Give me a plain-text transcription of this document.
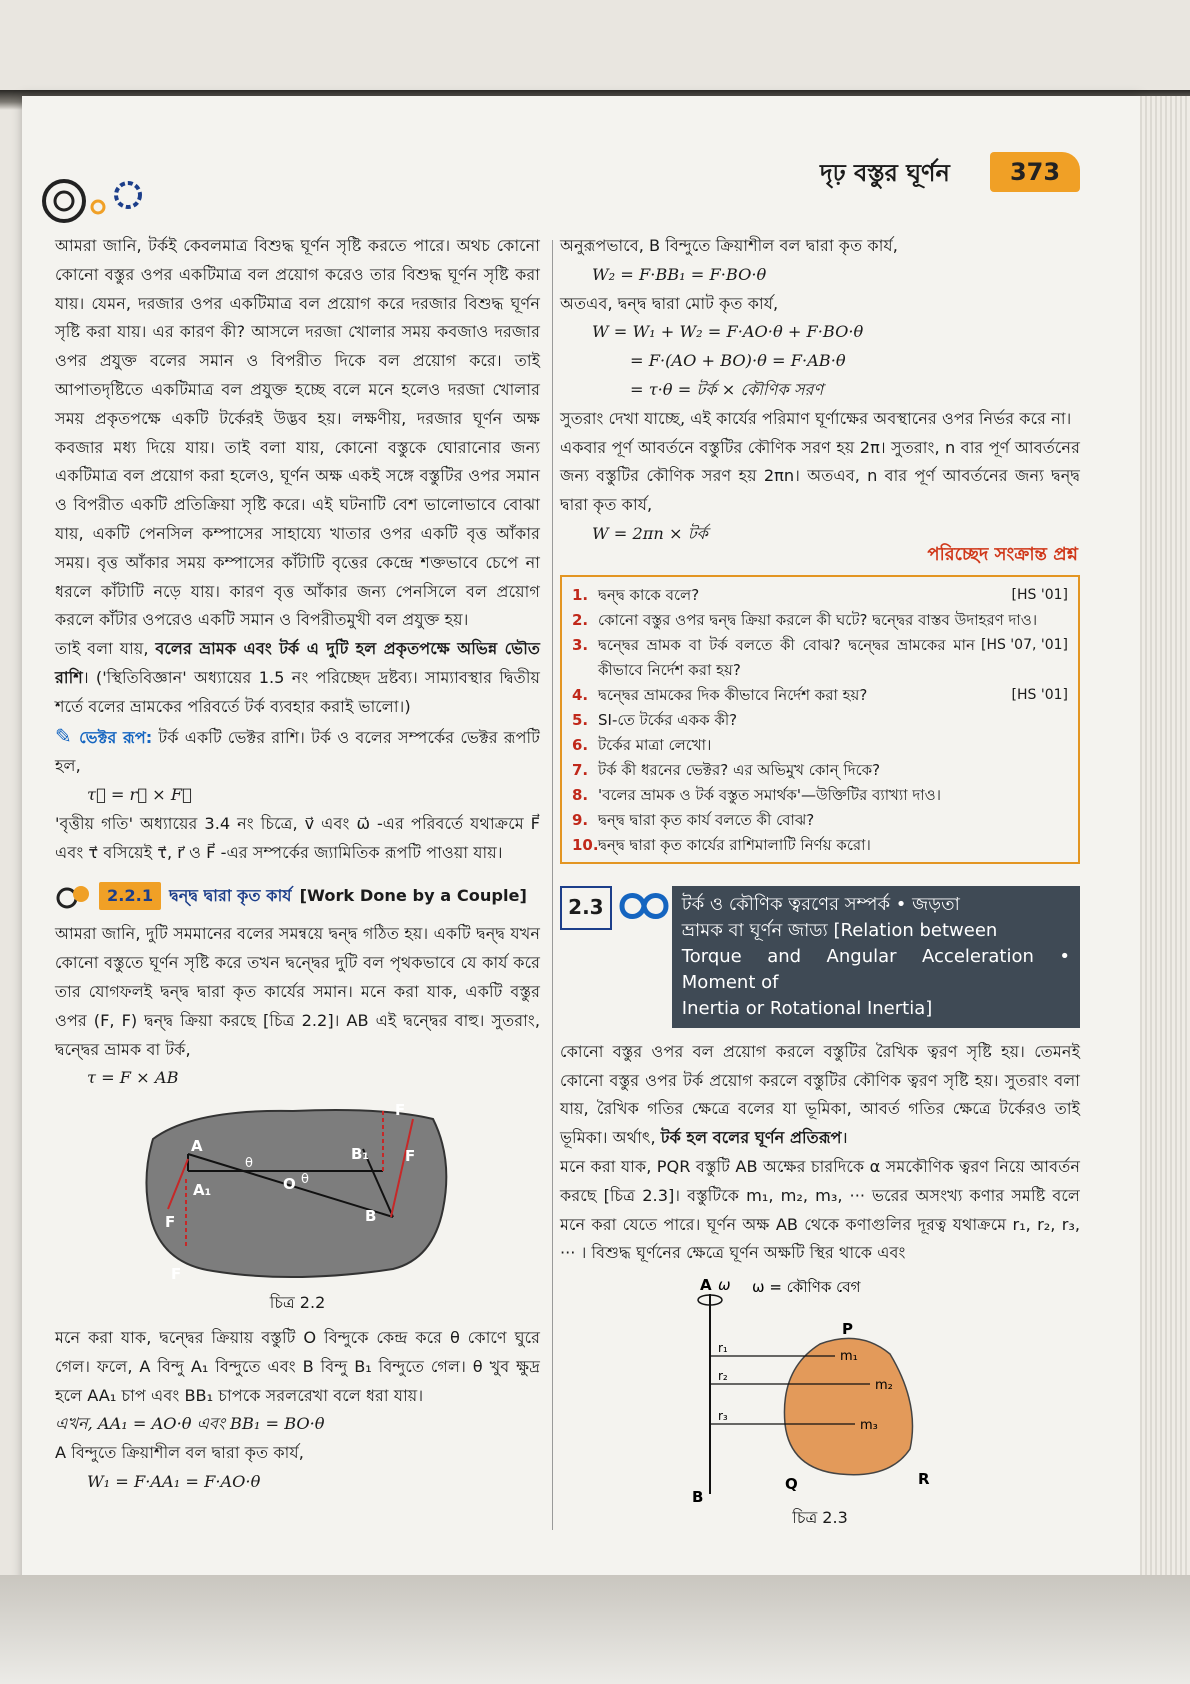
দৃঢ় বস্তুর ঘূর্ণন	373

আমরা জানি, টর্কই কেবলমাত্র বিশুদ্ধ ঘূর্ণন সৃষ্টি করতে পারে। অথচ কোনো কোনো বস্তুর ওপর একটিমাত্র বল প্রয়োগ করেও তার বিশুদ্ধ ঘূর্ণন সৃষ্টি করা যায়। যেমন, দরজার ওপর একটিমাত্র বল প্রয়োগ করে দরজার বিশুদ্ধ ঘূর্ণন সৃষ্টি করা যায়। এর কারণ কী? আসলে দরজা খোলার সময় কবজাও দরজার ওপর প্রযুক্ত বলের সমান ও বিপরীত দিকে বল প্রয়োগ করে। তাই আপাতদৃষ্টিতে একটিমাত্র বল প্রযুক্ত হচ্ছে বলে মনে হলেও দরজা খোলার সময় প্রকৃতপক্ষে একটি টর্কেরই উদ্ভব হয়। লক্ষণীয়, দরজার ঘূর্ণন অক্ষ কবজার মধ্য দিয়ে যায়। তাই বলা যায়, কোনো বস্তুকে ঘোরানোর জন্য একটিমাত্র বল প্রয়োগ করা হলেও, ঘূর্ণন অক্ষ একই সঙ্গে বস্তুটির ওপর সমান ও বিপরীত একটি প্রতিক্রিয়া সৃষ্টি করে। এই ঘটনাটি বেশ ভালোভাবে বোঝা যায়, একটি পেনসিল কম্পাসের সাহায্যে খাতার ওপর একটি বৃত্ত আঁকার সময়। বৃত্ত আঁকার সময় কম্পাসের কাঁটাটি বৃত্তের কেন্দ্রে শক্তভাবে চেপে না ধরলে কাঁটাটি নড়ে যায়। কারণ বৃত্ত আঁকার জন্য পেনসিলে বল প্রয়োগ করলে কাঁটার ওপরেও একটি সমান ও বিপরীতমুখী বল প্রযুক্ত হয়।

তাই বলা যায়, বলের ভ্রামক এবং টর্ক এ দুটি হল প্রকৃতপক্ষে অভিন্ন ভৌত রাশি। ('স্থিতিবিজ্ঞান' অধ্যায়ের 1.5 নং পরিচ্ছেদ দ্রষ্টব্য। সাম্যাবস্থার দ্বিতীয় শর্তে বলের ভ্রামকের পরিবর্তে টর্ক ব্যবহার করাই ভালো।)

✎ ভেক্টর রূপ: টর্ক একটি ভেক্টর রাশি। টর্ক ও বলের সম্পর্কের ভেক্টর রূপটি হল,

τ⃗ = r⃗ × F⃗

'বৃত্তীয় গতি' অধ্যায়ের 3.4 নং চিত্রে, v⃗ এবং ω⃗ -এর পরিবর্তে যথাক্রমে F⃗ এবং τ⃗ বসিয়েই τ⃗, r⃗ ও F⃗ -এর সম্পর্কের জ্যামিতিক রূপটি পাওয়া যায়।

2.2.1 দ্বন্দ্ব দ্বারা কৃত কার্য [Work Done by a Couple]

আমরা জানি, দুটি সমমানের বলের সমন্বয়ে দ্বন্দ্ব গঠিত হয়। একটি দ্বন্দ্ব যখন কোনো বস্তুতে ঘূর্ণন সৃষ্টি করে তখন দ্বন্দ্বের দুটি বল পৃথকভাবে যে কার্য করে তার যোগফলই দ্বন্দ্ব দ্বারা কৃত কার্যের সমান। মনে করা যাক, একটি বস্তুর ওপর (F, F) দ্বন্দ্ব ক্রিয়া করছে [চিত্র 2.2]। AB এই দ্বন্দ্বের বাহু। সুতরাং, দ্বন্দ্বের ভ্রামক বা টর্ক,

τ = F × AB

A
A₁	O
θ
θ
B₁
B
F
F
F
F
চিত্র 2.2

মনে করা যাক, দ্বন্দ্বের ক্রিয়ায় বস্তুটি O বিন্দুকে কেন্দ্র করে θ কোণে ঘুরে গেল। ফলে, A বিন্দু A₁ বিন্দুতে এবং B বিন্দু B₁ বিন্দুতে গেল। θ খুব ক্ষুদ্র হলে AA₁ চাপ এবং BB₁ চাপকে সরলরেখা বলে ধরা যায়।

এখন, AA₁ = AO·θ এবং BB₁ = BO·θ

A বিন্দুতে ক্রিয়াশীল বল দ্বারা কৃত কার্য,

W₁ = F·AA₁ = F·AO·θ

অনুরূপভাবে, B বিন্দুতে ক্রিয়াশীল বল দ্বারা কৃত কার্য,

W₂ = F·BB₁ = F·BO·θ

অতএব, দ্বন্দ্ব দ্বারা মোট কৃত কার্য,

W = W₁ + W₂ = F·AO·θ + F·BO·θ

= F·(AO + BO)·θ = F·AB·θ

= τ·θ = টর্ক × কৌণিক সরণ

সুতরাং দেখা যাচ্ছে, এই কার্যের পরিমাণ ঘূর্ণাক্ষের অবস্থানের ওপর নির্ভর করে না।

একবার পূর্ণ আবর্তনে বস্তুটির কৌণিক সরণ হয় 2π। সুতরাং, n বার পূর্ণ আবর্তনের জন্য বস্তুটির কৌণিক সরণ হয় 2πn। অতএব, n বার পূর্ণ আবর্তনের জন্য দ্বন্দ্ব দ্বারা কৃত কার্য,

W = 2πn × টর্ক

পরিচ্ছেদ সংক্রান্ত প্রশ্ন
1. দ্বন্দ্ব কাকে বলে?	[HS '01]
2. কোনো বস্তুর ওপর দ্বন্দ্ব ক্রিয়া করলে কী ঘটে? দ্বন্দ্বের বাস্তব উদাহরণ দাও।
3. দ্বন্দ্বের ভ্রামক বা টর্ক বলতে কী বোঝ? দ্বন্দ্বের ভ্রামকের মান কীভাবে নির্দেশ করা হয়?
[HS '07, '01]
4. দ্বন্দ্বের ভ্রামকের দিক কীভাবে নির্দেশ করা হয়?	[HS '01]
5. SI-তে টর্কের একক কী?
6. টর্কের মাত্রা লেখো।
7. টর্ক কী ধরনের ভেক্টর? এর অভিমুখ কোন্ দিকে?
8. 'বলের ভ্রামক ও টর্ক বস্তুত সমার্থক'—উক্তিটির ব্যাখ্যা দাও।
9. দ্বন্দ্ব দ্বারা কৃত কার্য বলতে কী বোঝ?
10. দ্বন্দ্ব দ্বারা কৃত কার্যের রাশিমালাটি নির্ণয় করো।
2.3	টর্ক ও কৌণিক ত্বরণের সম্পর্ক • জড়তা
ভ্রামক বা ঘূর্ণন জাড্য [Relation between
Torque and Angular Acceleration • Moment of
Inertia or Rotational Inertia]

কোনো বস্তুর ওপর বল প্রয়োগ করলে বস্তুটির রৈখিক ত্বরণ সৃষ্টি হয়। তেমনই কোনো বস্তুর ওপর টর্ক প্রয়োগ করলে বস্তুটির কৌণিক ত্বরণ সৃষ্টি হয়। সুতরাং বলা যায়, রৈখিক গতির ক্ষেত্রে বলের যা ভূমিকা, আবর্ত গতির ক্ষেত্রে টর্কেরও তাই ভূমিকা। অর্থাৎ, টর্ক হল বলের ঘূর্ণন প্রতিরূপ।

মনে করা যাক, PQR বস্তুটি AB অক্ষের চারদিকে α সমকৌণিক ত্বরণ নিয়ে আবর্তন করছে [চিত্র 2.3]। বস্তুটিকে m₁, m₂, m₃, ··· ভরের অসংখ্য কণার সমষ্টি বলে মনে করা যেতে পারে। ঘূর্ণন অক্ষ AB থেকে কণাগুলির দূরত্ব যথাক্রমে r₁, r₂, r₃, ··· । বিশুদ্ধ ঘূর্ণনের ক্ষেত্রে ঘূর্ণন অক্ষটি স্থির থাকে এবং

A ω ω = কৌণিক বেগ
P
Q	R
B
r₁
r₂
r₃
m₁
m₂
m₃
চিত্র 2.3
